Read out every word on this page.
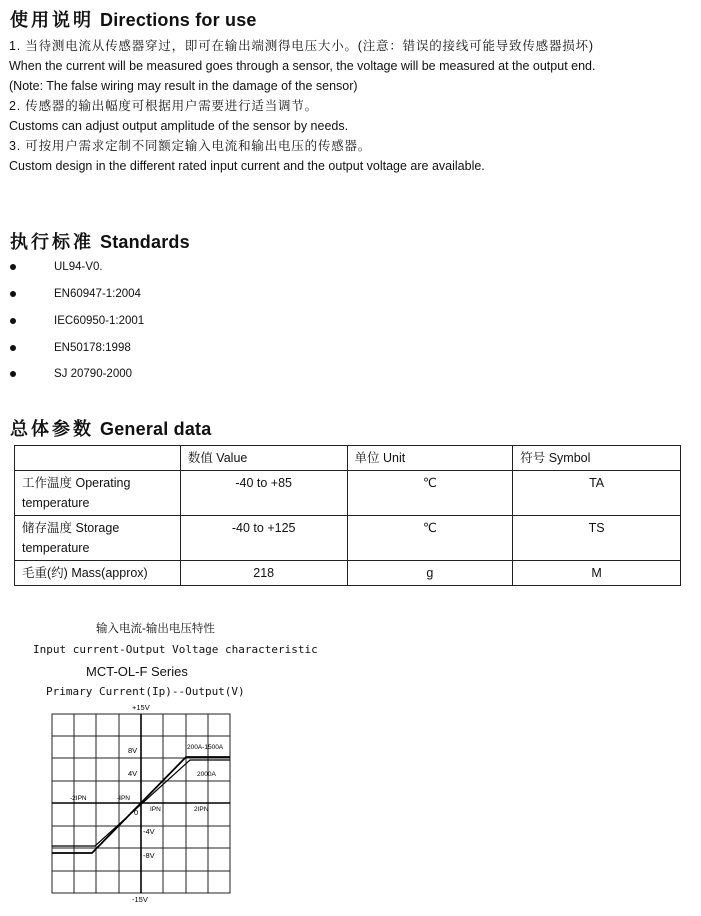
使用说明 Directions for use
1. 当待测电流从传感器穿过，即可在输出端测得电压大小。(注意：错误的接线可能导致传感器损坏)
When the current will be measured goes through a sensor, the voltage will be measured at the output end.
(Note: The false wiring may result in the damage of the sensor)
2. 传感器的输出幅度可根据用户需要进行适当调节。
Customs can adjust output amplitude of the sensor by needs.
3. 可按用户需求定制不同额定输入电流和输出电压的传感器。
Custom design in the different rated input current and the output voltage are available.
执行标准 Standards
UL94-V0.
EN60947-1:2004
IEC60950-1:2001
EN50178:1998
SJ 20790-2000
总体参数 General data
	数值 Value	单位 Unit	符号 Symbol
工作温度 Operating
temperature	-40 to +85	℃	TA
储存温度 Storage
temperature	-40 to +125	℃	TS
毛重(约) Mass(approx)	218	g	M
输入电流-输出电压特性
Input current-Output Voltage characteristic
MCT-OL-F Series
Primary Current(Ip)--Output(V)
+15V
-15V
8V
4V
-4V
-8V
-2IPN	-IPN
0 IPN	2IPN
200A-1500A
2000A
